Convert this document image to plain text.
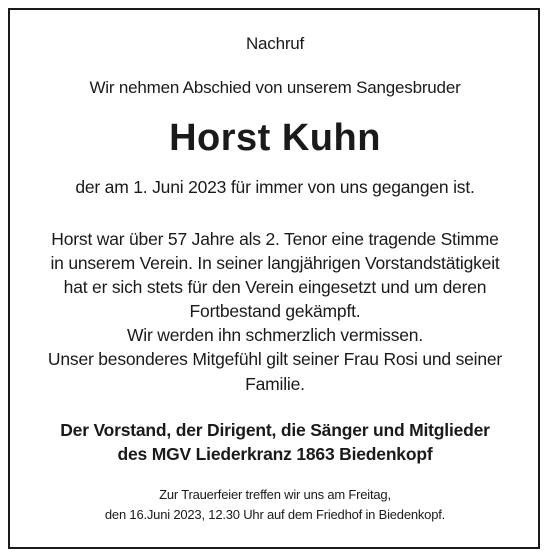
Nachruf
Wir nehmen Abschied von unserem Sangesbruder
Horst Kuhn
der am 1. Juni 2023 für immer von uns gegangen ist.
Horst war über 57 Jahre als 2. Tenor eine tragende Stimme
in unserem Verein. In seiner langjährigen Vorstandstätigkeit
hat er sich stets für den Verein eingesetzt und um deren
Fortbestand gekämpft.
Wir werden ihn schmerzlich vermissen.
Unser besonderes Mitgefühl gilt seiner Frau Rosi und seiner
Familie.
Der Vorstand, der Dirigent, die Sänger und Mitglieder
des MGV Liederkranz 1863 Biedenkopf
Zur Trauerfeier treffen wir uns am Freitag,
den 16.Juni 2023, 12.30 Uhr auf dem Friedhof in Biedenkopf.
